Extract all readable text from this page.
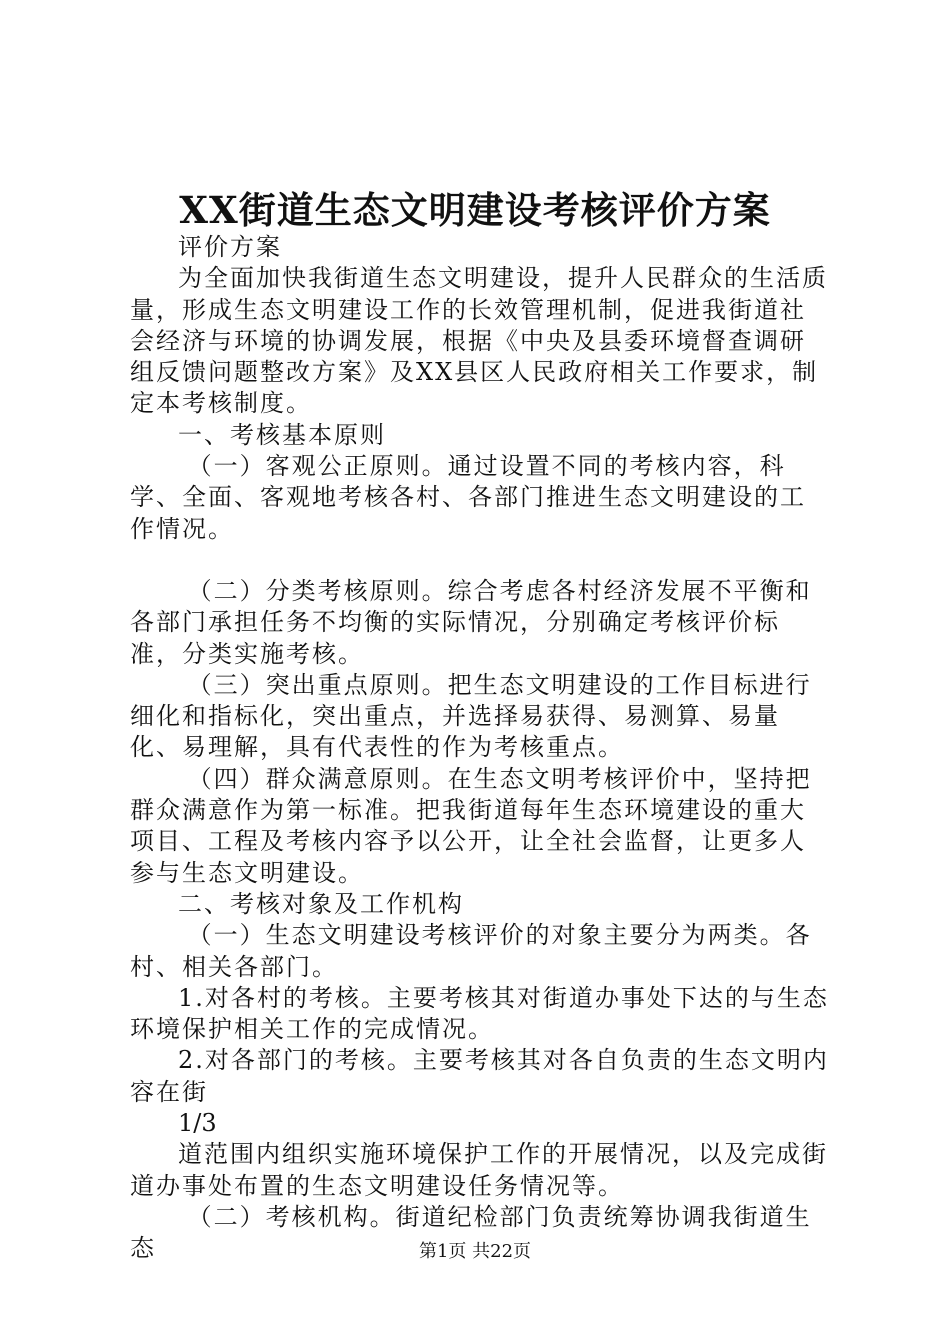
XX街道生态文明建设考核评价方案

评价方案

为全面加快我街道生态文明建设，提升人民群众的生活质量，形成生态文明建设工作的长效管理机制，促进我街道社会经济与环境的协调发展，根据《中央及县委环境督查调研组反馈问题整改方案》及XX县区人民政府相关工作要求，制定本考核制度。

一、考核基本原则

（一）客观公正原则。通过设置不同的考核内容，科学、全面、客观地考核各村、各部门推进生态文明建设的工作情况。

（二）分类考核原则。综合考虑各村经济发展不平衡和各部门承担任务不均衡的实际情况，分别确定考核评价标准，分类实施考核。

（三）突出重点原则。把生态文明建设的工作目标进行细化和指标化，突出重点，并选择易获得、易测算、易量化、易理解，具有代表性的作为考核重点。

（四）群众满意原则。在生态文明考核评价中，坚持把群众满意作为第一标准。把我街道每年生态环境建设的重大项目、工程及考核内容予以公开，让全社会监督，让更多人参与生态文明建设。

二、考核对象及工作机构

（一）生态文明建设考核评价的对象主要分为两类。各村、相关各部门。

1.对各村的考核。主要考核其对街道办事处下达的与生态环境保护相关工作的完成情况。

2.对各部门的考核。主要考核其对各自负责的生态文明内容在街

1/3

道范围内组织实施环境保护工作的开展情况，以及完成街道办事处布置的生态文明建设任务情况等。

（二）考核机构。街道纪检部门负责统筹协调我街道生态	第1页 共22页
